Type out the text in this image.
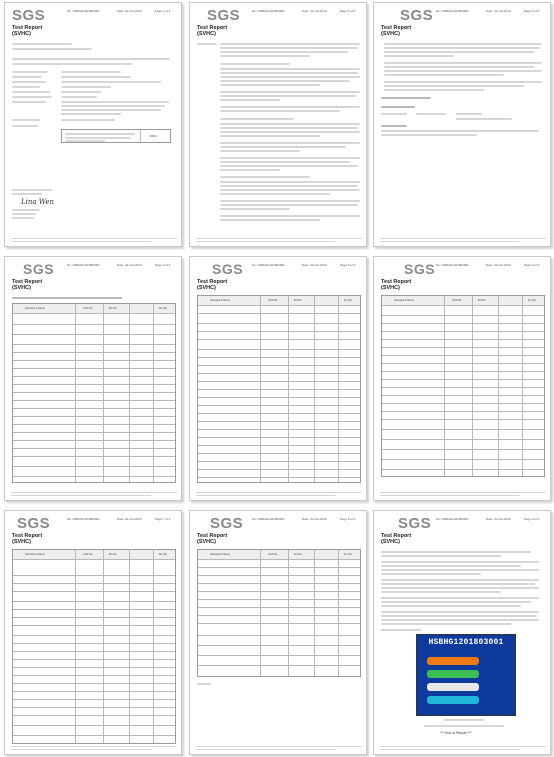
SGS	No. HSBHG1201803001	Date: 22-Oct-2013	Page 1 of 9
Test Report
(SVHC)
PASS
Lina Wen
SGS	No. HSBHG1201803001	Date: 22-Oct-2013	Page 2 of 9
Test Report
(SVHC)
SGS No. HSBHG1201803001	Date: 22-Oct-2013	Page 3 of 9
Test Report
(SVHC)
SGS	No. HSBHG1201803001	Date: 22-Oct-2013	Page 4 of 9
Test Report
(SVHC)
Substance Name	CAS No.	EC No.	RL (%)
SGS	No. HSBHG1201803001	Date: 22-Oct-2013	Page 5 of 9
Test Report
(SVHC)
Substance Name	CAS No.	EC No.	RL (%)
SGS No. HSBHG1201803001	Date: 22-Oct-2013	Page 6 of 9
Test Report
(SVHC)
Substance Name	CAS No.	EC No.	RL (%)
SGS	No. HSBHG1201803001	Date: 22-Oct-2013	Page 7 of 9
Test Report
(SVHC)
Substance Name	CAS No.	EC No.	RL (%)
SGS	No. HSBHG1201803001	Date: 22-Oct-2013	Page 8 of 9
Test Report
(SVHC)
Substance Name	CAS No.	EC No.	RL (%)
SGS No. HSBHG1201803001	Date: 22-Oct-2013	Page 9 of 9
Test Report
(SVHC)
HSBHG1201803001
*** End of Report ***
